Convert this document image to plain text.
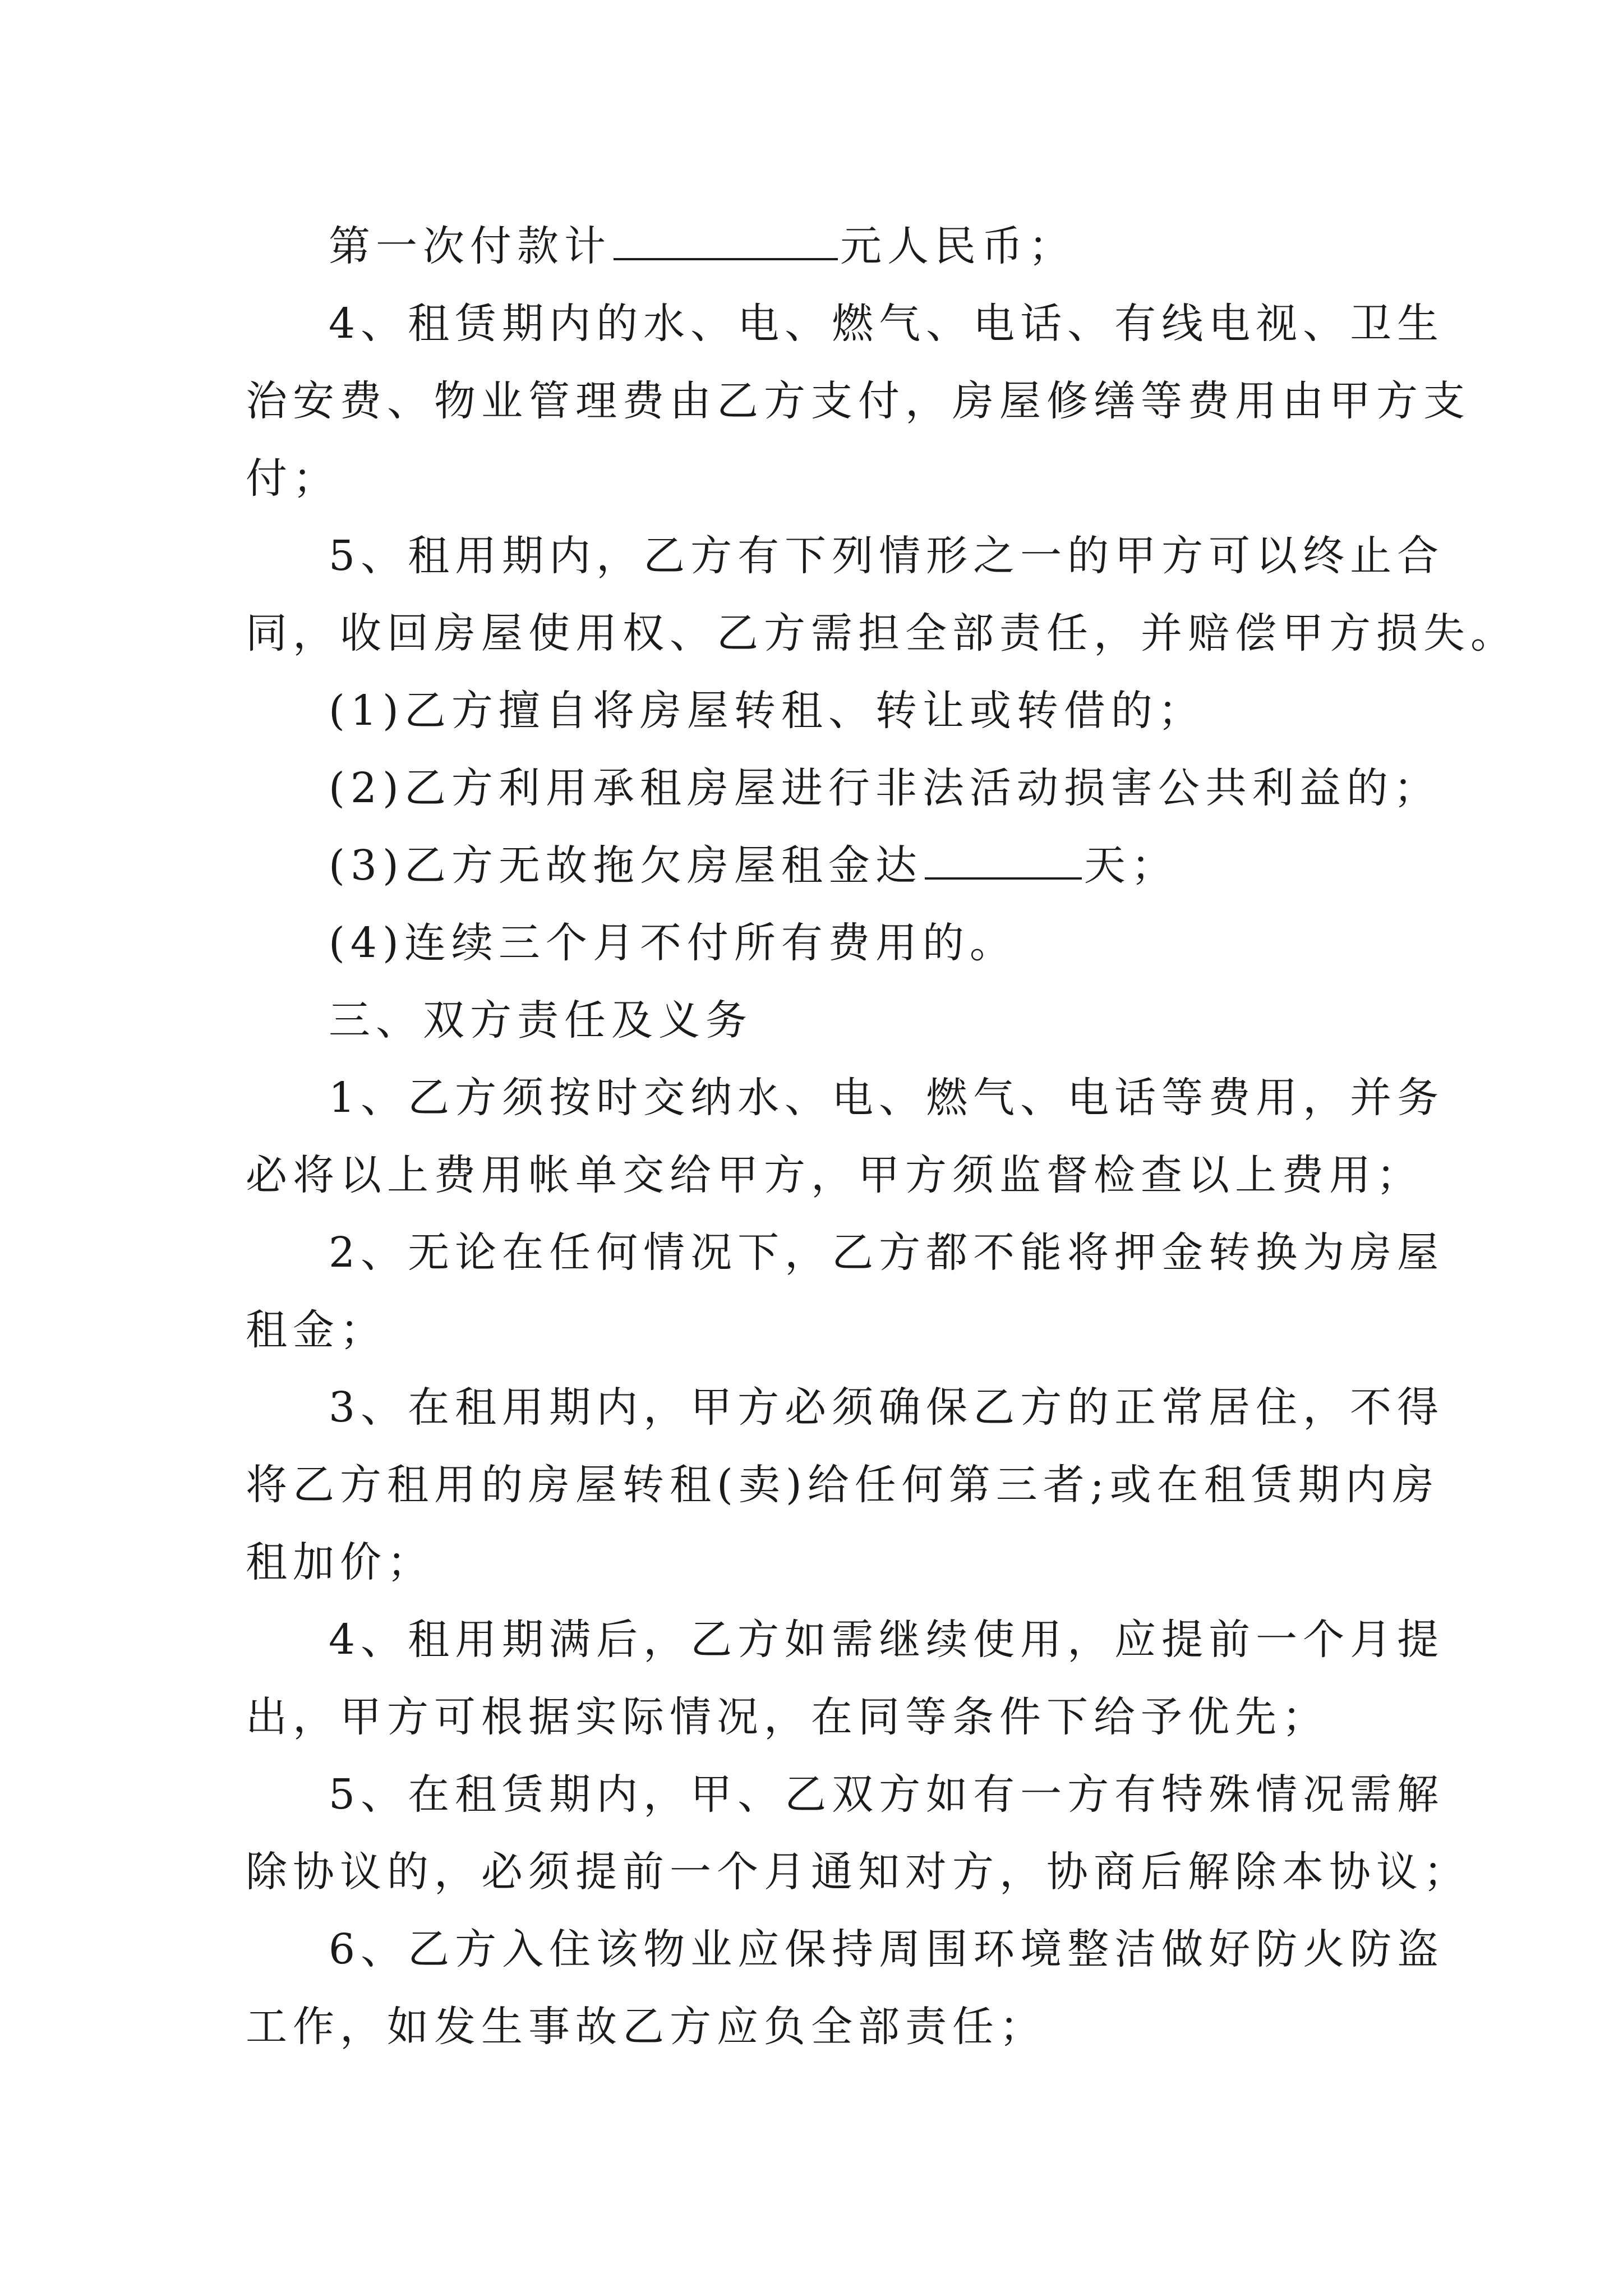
第一次付款计	元人民币；

4、租赁期内的水、电、燃气、电话、有线电视、卫生

治安费、物业管理费由乙方支付，房屋修缮等费用由甲方支

付；

5、租用期内，乙方有下列情形之一的甲方可以终止合

同，收回房屋使用权、乙方需担全部责任，并赔偿甲方损失。

(1)乙方擅自将房屋转租、转让或转借的；

(2)乙方利用承租房屋进行非法活动损害公共利益的；

(3)乙方无故拖欠房屋租金达	天；

(4)连续三个月不付所有费用的。

三、双方责任及义务

1、乙方须按时交纳水、电、燃气、电话等费用，并务

必将以上费用帐单交给甲方，甲方须监督检查以上费用；

2、无论在任何情况下，乙方都不能将押金转换为房屋

租金；

3、在租用期内，甲方必须确保乙方的正常居住，不得

将乙方租用的房屋转租(卖)给任何第三者;或在租赁期内房

租加价；

4、租用期满后，乙方如需继续使用，应提前一个月提

出，甲方可根据实际情况，在同等条件下给予优先；

5、在租赁期内，甲、乙双方如有一方有特殊情况需解

除协议的，必须提前一个月通知对方，协商后解除本协议；

6、乙方入住该物业应保持周围环境整洁做好防火防盗

工作，如发生事故乙方应负全部责任；
